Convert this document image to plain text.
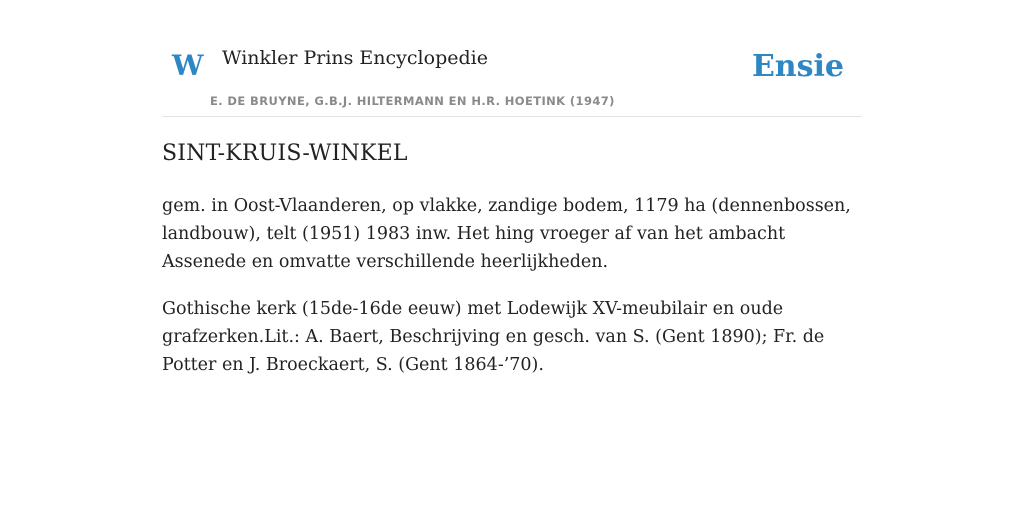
W Winkler Prins Encyclopedie
E. DE BRUYNE, G.B.J. HILTERMANN EN H.R. HOETINK (1947)
Ensie
SINT-KRUIS-WINKEL

gem. in Oost-Vlaanderen, op vlakke, zandige bodem, 1179 ha (dennenbossen, landbouw), telt (1951) 1983 inw. Het hing vroeger af van het ambacht Assenede en omvatte verschillende heerlijkheden.

Gothische kerk (15de-16de eeuw) met Lodewijk XV-meubilair en oude grafzerken.Lit.: A. Baert, Beschrijving en gesch. van S. (Gent 1890); Fr. de Potter en J. Broeckaert, S. (Gent 1864-’70).
